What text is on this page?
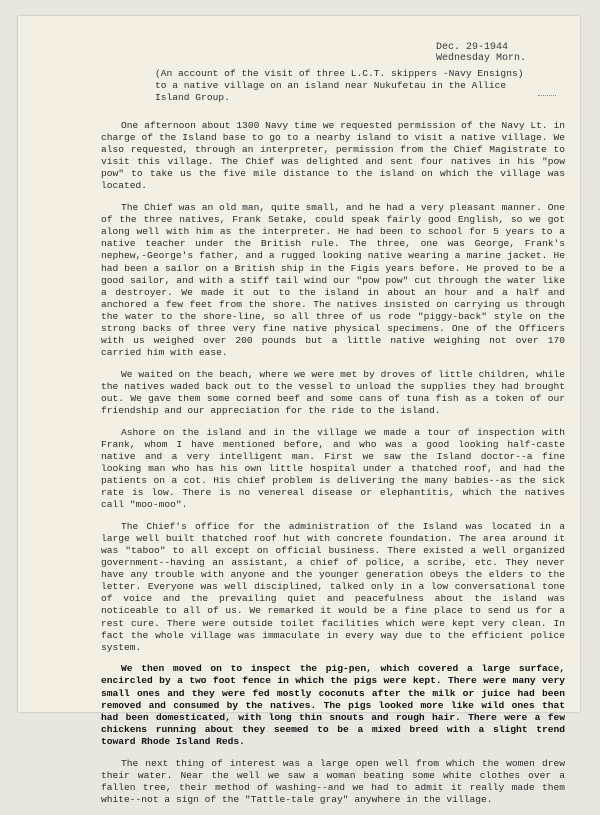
Dec. 29-1944
Wednesday Morn.
(An account of the visit of three L.C.T. skippers -Navy Ensigns)
to a native village on an island near Nukufetau in the Allice
Island Group.

One afternoon about 1300 Navy time we requested permission of the Navy Lt. in charge of the Island base to go to a nearby island to visit a native village. We also requested, through an interpreter, permission from the Chief Magistrate to visit this village. The Chief was delighted and sent four natives in his "pow pow" to take us the five mile distance to the island on which the village was located.

The Chief was an old man, quite small, and he had a very pleasant manner. One of the three natives, Frank Setake, could speak fairly good English, so we got along well with him as the interpreter. He had been to school for 5 years to a native teacher under the British rule. The three, one was George, Frank's nephew,-George's father, and a rugged looking native wearing a marine jacket. He had been a sailor on a British ship in the Figis years before. He proved to be a good sailor, and with a stiff tail wind our "pow pow" cut through the water like a destroyer. We made it out to the island in about an hour and a half and anchored a few feet from the shore. The natives insisted on carrying us through the water to the shore-line, so all three of us rode "piggy-back" style on the strong backs of three very fine native physical specimens. One of the Officers with us weighed over 200 pounds but a little native weighing not over 170 carried him with ease.

We waited on the beach, where we were met by droves of little children, while the natives waded back out to the vessel to unload the supplies they had brought out. We gave them some corned beef and some cans of tuna fish as a token of our friendship and our appreciation for the ride to the island.

Ashore on the island and in the village we made a tour of inspection with Frank, whom I have mentioned before, and who was a good looking half-caste native and a very intelligent man. First we saw the Island doctor--a fine looking man who has his own little hospital under a thatched roof, and had the patients on a cot. His chief problem is delivering the many babies--as the sick rate is low. There is no venereal disease or elephantitis, which the natives call "moo-moo".

The Chief's office for the administration of the Island was located in a large well built thatched roof hut with concrete foundation. The area around it was "taboo" to all except on official business. There existed a well organized government--having an assistant, a chief of police, a scribe, etc. They never have any trouble with anyone and the younger generation obeys the elders to the letter. Everyone was well disciplined, talked only in a low conversational tone of voice and the prevailing quiet and peacefulness about the island was noticeable to all of us. We remarked it would be a fine place to send us for a rest cure. There were outside toilet facilities which were kept very clean. In fact the whole village was immaculate in every way due to the efficient police system.

We then moved on to inspect the pig-pen, which covered a large surface, encircled by a two foot fence in which the pigs were kept. There were many very small ones and they were fed mostly coconuts after the milk or juice had been removed and consumed by the natives. The pigs looked more like wild ones that had been domesticated, with long thin snouts and rough hair. There were a few chickens running about they seemed to be a mixed breed with a slight trend toward Rhode Island Reds.

The next thing of interest was a large open well from which the women drew their water. Near the well we saw a woman beating some white clothes over a fallen tree, their method of washing--and we had to admit it really made them white--not a sign of the "Tattle-tale gray" anywhere in the village.
